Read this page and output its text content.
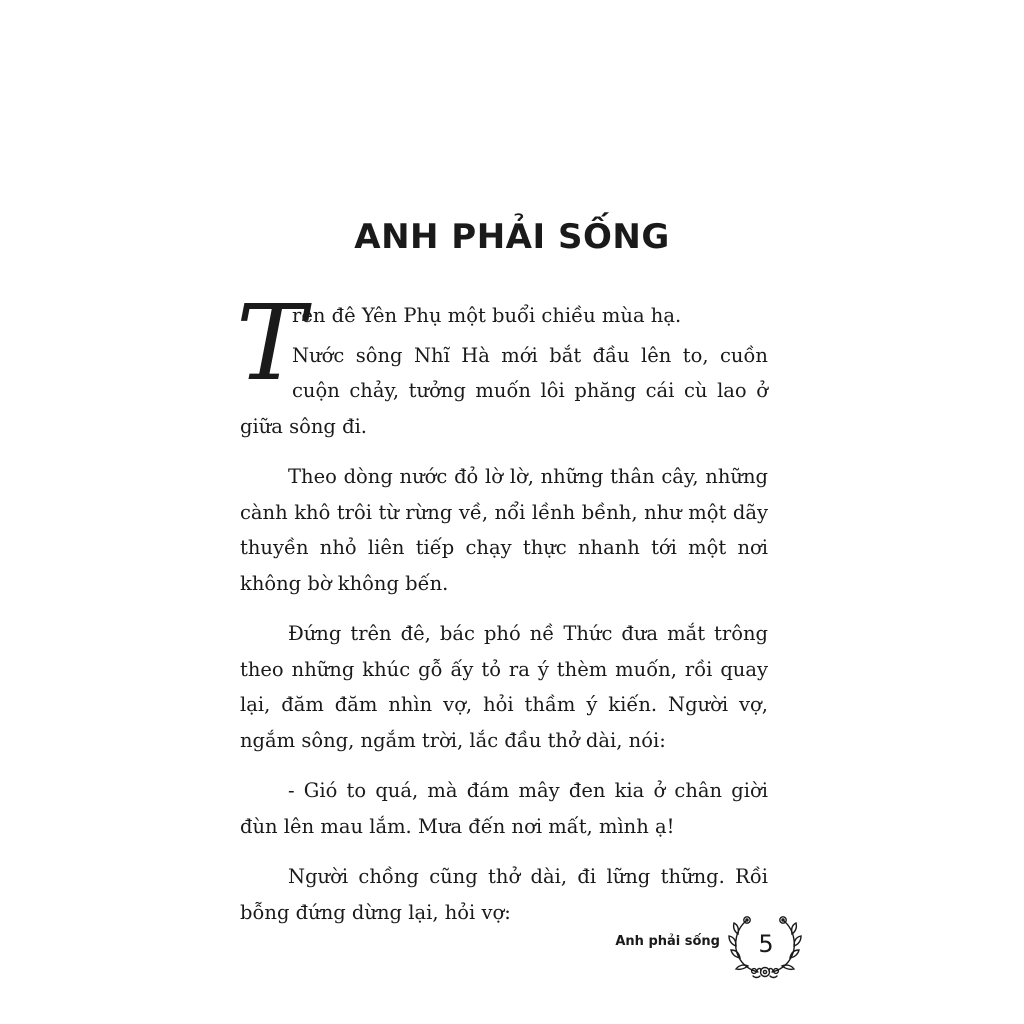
ANH PHẢI SỐNG

T
rên đê Yên Phụ một buổi chiều mùa hạ.

Nước sông Nhĩ Hà mới bắt đầu lên to, cuồn cuộn chảy, tưởng muốn lôi phăng cái cù lao ở giữa sông đi.

Theo dòng nước đỏ lờ lờ, những thân cây, những cành khô trôi từ rừng về, nổi lềnh bềnh, như một dãy thuyền nhỏ liên tiếp chạy thực nhanh tới một nơi không bờ không bến.

Đứng trên đê, bác phó nề Thức đưa mắt trông theo những khúc gỗ ấy tỏ ra ý thèm muốn, rồi quay lại, đăm đăm nhìn vợ, hỏi thầm ý kiến. Người vợ, ngắm sông, ngắm trời, lắc đầu thở dài, nói:

- Gió to quá, mà đám mây đen kia ở chân giời đùn lên mau lắm. Mưa đến nơi mất, mình ạ!

Người chồng cũng thở dài, đi lững thững. Rồi bỗng đứng dừng lại, hỏi vợ:

Anh phải sống 5
